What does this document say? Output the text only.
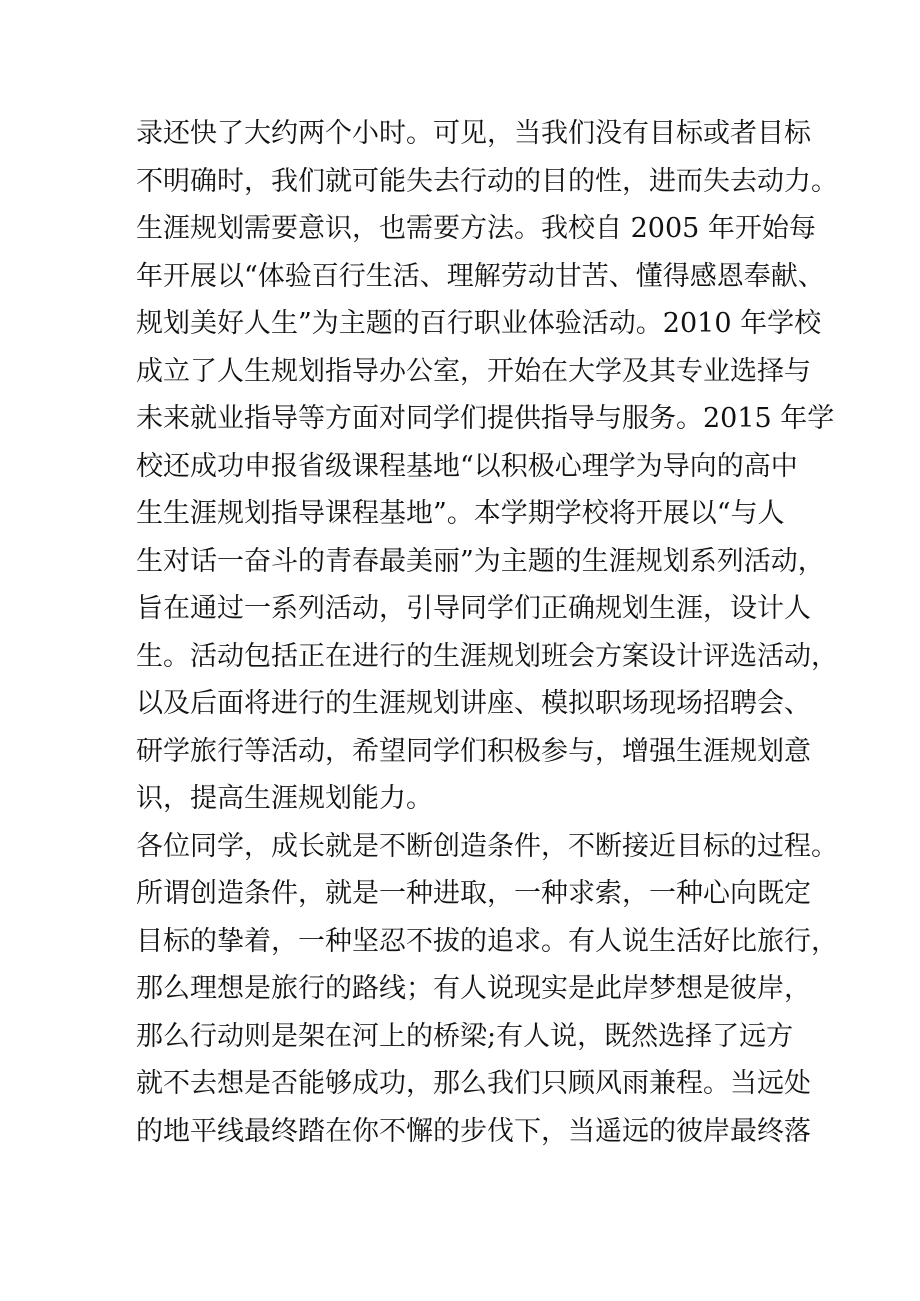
录还快了大约两个小时。可见，当我们没有目标或者目标
不明确时，我们就可能失去行动的目的性，进而失去动力。
生涯规划需要意识，也需要方法。我校自 2005 年开始每
年开展以“体验百行生活、理解劳动甘苦、懂得感恩奉献、
规划美好人生”为主题的百行职业体验活动。2010 年学校
成立了人生规划指导办公室，开始在大学及其专业选择与
未来就业指导等方面对同学们提供指导与服务。2015 年学
校还成功申报省级课程基地“以积极心理学为导向的高中
生生涯规划指导课程基地”。本学期学校将开展以“与人
生对话一奋斗的青春最美丽”为主题的生涯规划系列活动，
旨在通过一系列活动，引导同学们正确规划生涯，设计人
生。活动包括正在进行的生涯规划班会方案设计评选活动，
以及后面将进行的生涯规划讲座、模拟职场现场招聘会、
研学旅行等活动，希望同学们积极参与，增强生涯规划意
识，提高生涯规划能力。
各位同学，成长就是不断创造条件，不断接近目标的过程。
所谓创造条件，就是一种进取，一种求索，一种心向既定
目标的挚着，一种坚忍不拔的追求。有人说生活好比旅行，
那么理想是旅行的路线；有人说现实是此岸梦想是彼岸，
那么行动则是架在河上的桥梁;有人说，既然选择了远方
就不去想是否能够成功，那么我们只顾风雨兼程。当远处
的地平线最终踏在你不懈的步伐下，当遥远的彼岸最终落
